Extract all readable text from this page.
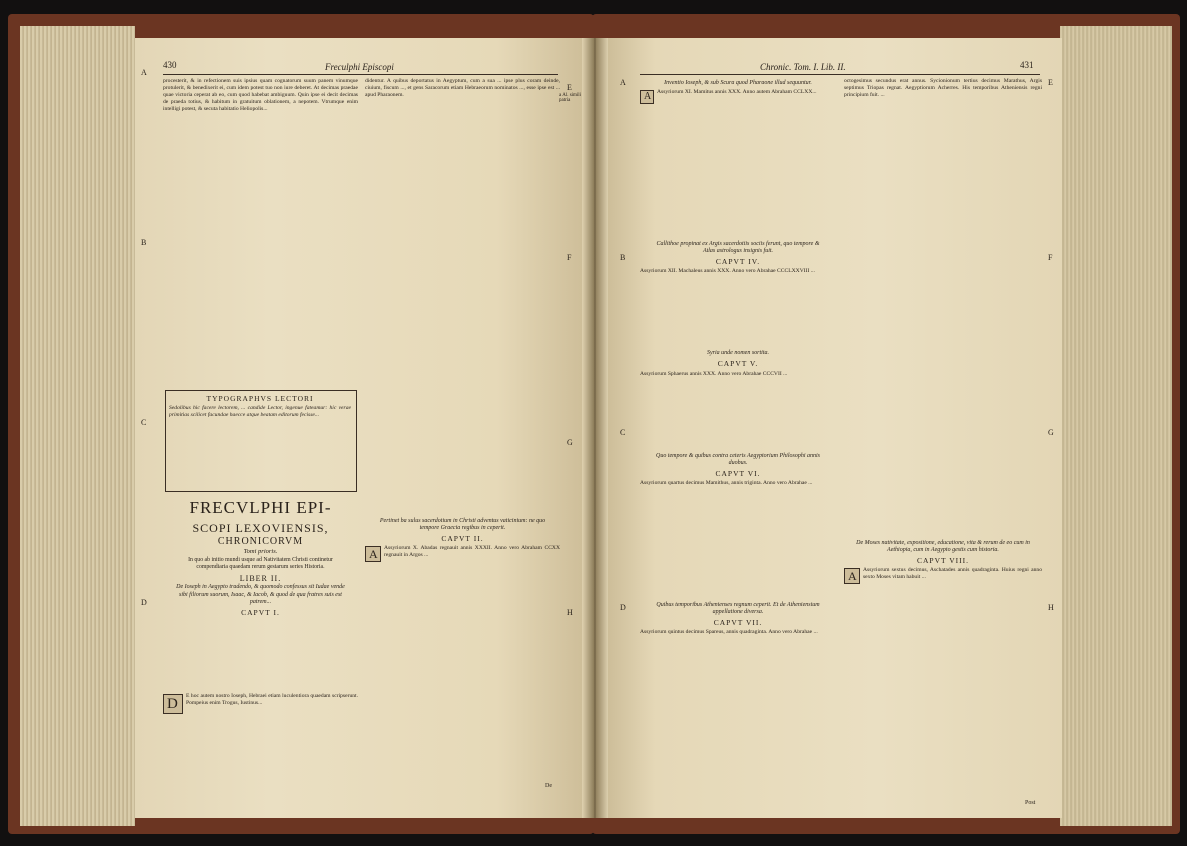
430	Freculphi Episcopi
A
B
C
D
E
F
G
H
a Al. simili patria
procesterit, & in refectionem suis ipsius quam cognatorum suum panem vinumque protulerit, & benedixerit ei, cum idem potest tuo non iure deberet. At decimas praedae quae victoria ceperat ab eo, cum quod habebat ambiguum. Quin ipse ei decit decimas de praeda totius, & habitum in gratuitum oblationem, a nepotem. Vtrumque enim intelligi potest, & secuta habitatio Heliopolis...
TYPOGRAPHVS LECTORI
Sedolibus hic facere lectorem, ... candide Lector, ingenue fateamur: hic verae primitias scilicet facundae haecce atque beatam editorum fecisse...
FRECVLPHI EPI-
SCOPI LEXOVIENSIS,
CHRONICORVM
Tomi prioris.
In quo ab initio mundi usque ad Nativitatem Christi continetur compendiaria quaedam rerum gestarum series Historia.
LIBER II.
De Ioseph in Aegypto tradendo, & quomodo confessus sit Iudae vende sibi filiorum suorum, Isaac, & Iacob, & quod de qua fratres suis est patrem...
CAPVT I.
D E hoc autem nostro Ioseph, Hebraei etiam luculentiora quaedam scripserunt. Pompeius enim Trogus, Iustinus...
didentur. A quibus deportatus in Aegyptum, cum a sua ... ipse plus coram deinde, ciuium, fiscum ..., et gens Saracorum etiam Hebraeorum nominatos ..., esse ipse est ... apud Pharaonem.
Pertinet ba sulus sacerdotium in Christi adventus vaticinium: ne quo tempore Graecia regibus in ceperit.
CAPVT II.
A Assyriorum X. Abadas regnauit annis XXXII. Anno vero Abraham CCXX regnauit in Argos ...
De
Chronic. Tom. I. Lib. II.	431
A
B
C
D
E
F
G
H
Inventio Ioseph, & sub Scura quod Pharaone illud sequuntur.
A	Assyriorum XI. Mamitus annis XXX. Anno autem Abraham CCLXX...
Callithoe propinat ex Argis sacerdotiis sociis ferunt, quo tempore & Atlas astrologus insignis fuit.
CAPVT IV.
Assyriorum XII. Machaleus annis XXX. Anno vero Abrahae CCCLXXVIII ...
Syria unde nomen sortita.
CAPVT V.
Assyriorum Sphaerus annis XXX. Anno vero Abrahae CCCVII ...
Quo tempore & quibus contra ceteris Aegyptorium Philosophi annis duobus.
CAPVT VI.
Assyriorum quartus decimus Mamithus, annis triginta. Anno vero Abrahae ...
Quibus temporibus Athenienses regnum ceperit. Et de Atheniensium appellatione diversa.
CAPVT VII.
Assyriorum quintus decimus Spareus, annis quadraginta. Anno vero Abrahae ...
octogesimus secundus erat annus. Sycionionum tertius decimus Marathus, Argis septimus Triopas regnat. Aegyptiorum Acherres. His temporibus Atheniensis regni principium fuit. ...
De Moses nativitate, expositione, educatione, vita & rerum de eo cum in Aethiopia, cum in Aegypto gestis cum historia.
CAPVT VIII.
A Assyriorum sextus decimus, Aschatades annis quadraginta. Huius regni anno sexto Moses vitam habuit ...
Post
